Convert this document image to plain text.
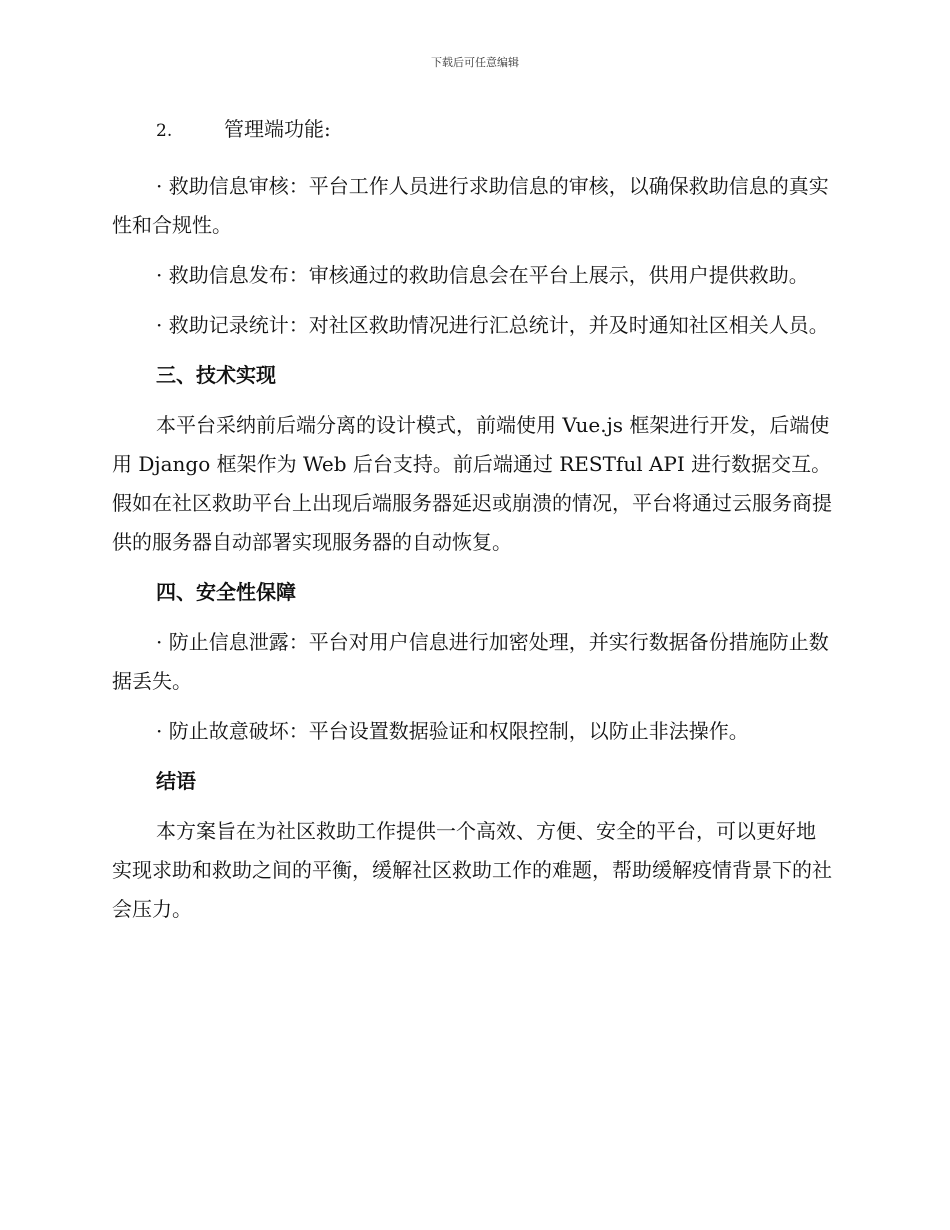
下载后可任意编辑
2.	管理端功能:

· 救助信息审核：平台工作人员进行求助信息的审核，以确保救助信息的真实性和合规性。

· 救助信息发布：审核通过的救助信息会在平台上展示，供用户提供救助。

· 救助记录统计：对社区救助情况进行汇总统计，并及时通知社区相关人员。

三、技术实现

本平台采纳前后端分离的设计模式，前端使用 Vue.js 框架进行开发，后端使用 Django 框架作为 Web 后台支持。前后端通过 RESTful API 进行数据交互。假如在社区救助平台上出现后端服务器延迟或崩溃的情况，平台将通过云服务商提供的服务器自动部署实现服务器的自动恢复。

四、安全性保障

· 防止信息泄露：平台对用户信息进行加密处理，并实行数据备份措施防止数据丢失。

· 防止故意破坏：平台设置数据验证和权限控制，以防止非法操作。

结语

本方案旨在为社区救助工作提供一个高效、方便、安全的平台，可以更好地实现求助和救助之间的平衡，缓解社区救助工作的难题，帮助缓解疫情背景下的社会压力。
